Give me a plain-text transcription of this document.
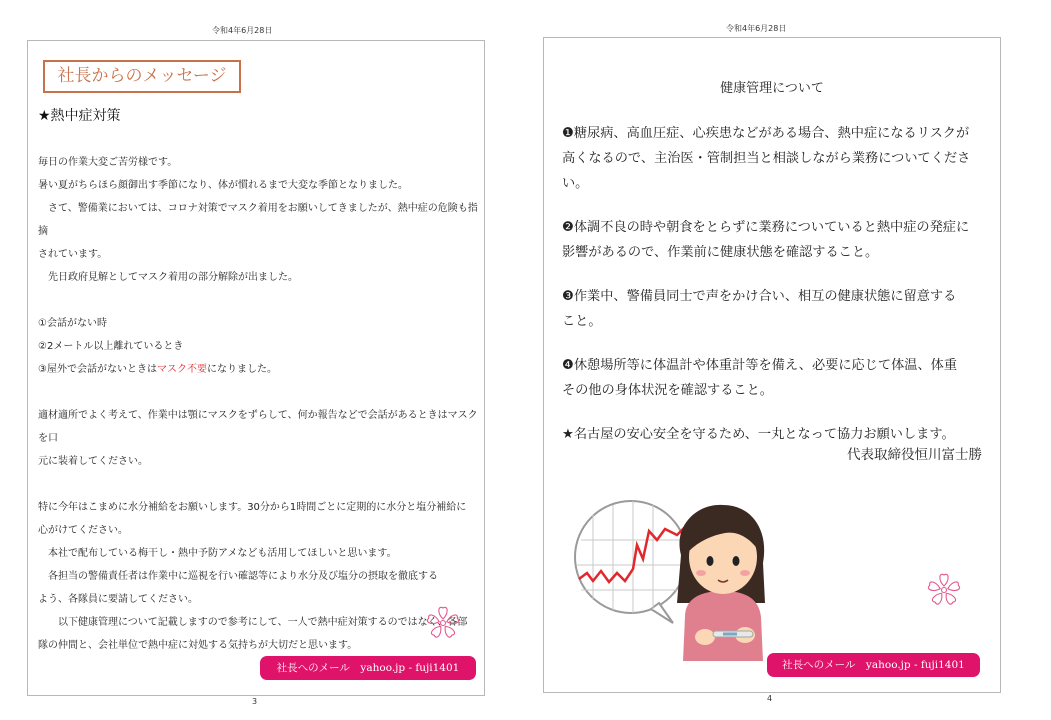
令和4年6月28日	令和4年6月28日
社長からのメッセージ
★熱中症対策

毎日の作業大変ご苦労様です。

暑い夏がちらほら顔御出す季節になり、体が慣れるまで大変な季節となりました。

　さて、警備業においては、コロナ対策でマスク着用をお願いしてきましたが、熱中症の危険も指摘

されています。

　先日政府見解としてマスク着用の部分解除が出ました。

①会話がない時

②2メートル以上離れているとき

③屋外で会話がないときはマスク不要になりました。

適材適所でよく考えて、作業中は顎にマスクをずらして、何か報告などで会話があるときはマスクを口

元に装着してください。

特に今年はこまめに水分補給をお願いします。30分から1時間ごとに定期的に水分と塩分補給に

心がけてください。

　本社で配布している梅干し・熱中予防アメなども活用してほしいと思います。

　各担当の警備責任者は作業中に巡視を行い確認等により水分及び塩分の摂取を徹底する

よう、各隊員に要請してください。

　　以下健康管理について記載しますので参考にして、一人で熱中症対策するのではなく、各部

隊の仲間と、会社単位で熱中症に対処する気持ちが大切だと思います。

社長へのメール　yahoo.jp - fuji1401
3
健康管理について

❶糖尿病、高血圧症、心疾患などがある場合、熱中症になるリスクが

高くなるので、主治医・管制担当と相談しながら業務についてください。

❷体調不良の時や朝食をとらずに業務についていると熱中症の発症に

影響があるので、作業前に健康状態を確認すること。

❸作業中、警備員同士で声をかけ合い、相互の健康状態に留意する

こと。

❹休憩場所等に体温計や体重計等を備え、必要に応じて体温、体重

その他の身体状況を確認すること。

★名古屋の安心安全を守るため、一丸となって協力お願いします。

代表取締役恒川富士勝
社長へのメール　yahoo.jp - fuji1401
4
